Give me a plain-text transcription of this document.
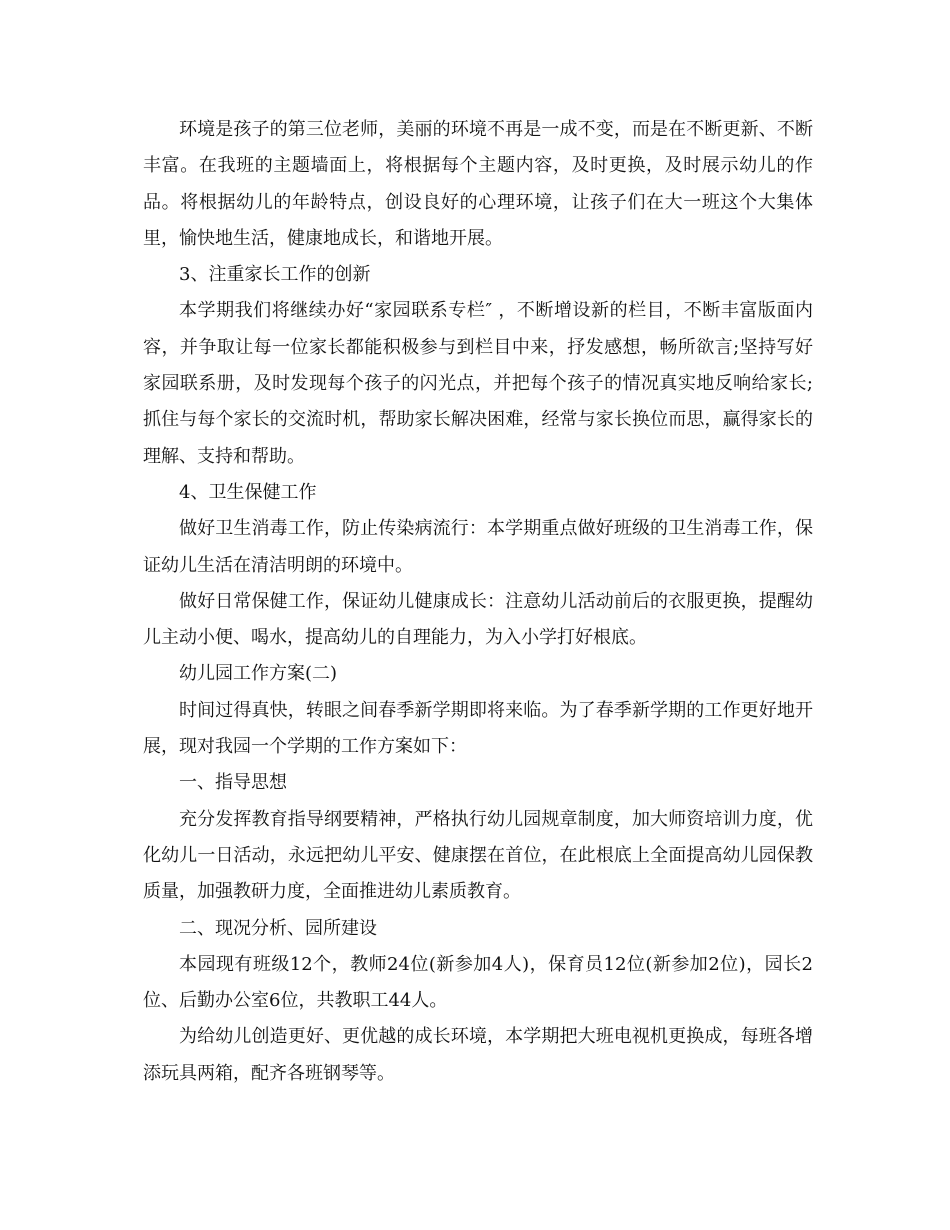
环境是孩子的第三位老师，美丽的环境不再是一成不变，而是在不断更新、不断丰富。在我班的主题墙面上，将根据每个主题内容，及时更换，及时展示幼儿的作品。将根据幼儿的年龄特点，创设良好的心理环境，让孩子们在大一班这个大集体里，愉快地生活，健康地成长，和谐地开展。

3、注重家长工作的创新

本学期我们将继续办好“家园联系专栏″ ，不断增设新的栏目，不断丰富版面内容，并争取让每一位家长都能积极参与到栏目中来，抒发感想，畅所欲言;坚持写好家园联系册，及时发现每个孩子的闪光点，并把每个孩子的情况真实地反响给家长;抓住与每个家长的交流时机，帮助家长解决困难，经常与家长换位而思，赢得家长的理解、支持和帮助。

4、卫生保健工作

做好卫生消毒工作，防止传染病流行：本学期重点做好班级的卫生消毒工作，保证幼儿生活在清洁明朗的环境中。

做好日常保健工作，保证幼儿健康成长：注意幼儿活动前后的衣服更换，提醒幼儿主动小便、喝水，提高幼儿的自理能力，为入小学打好根底。

幼儿园工作方案(二)

时间过得真快，转眼之间春季新学期即将来临。为了春季新学期的工作更好地开展，现对我园一个学期的工作方案如下：

一、指导思想

充分发挥教育指导纲要精神，严格执行幼儿园规章制度，加大师资培训力度，优化幼儿一日活动，永远把幼儿平安、健康摆在首位，在此根底上全面提高幼儿园保教质量，加强教研力度，全面推进幼儿素质教育。

二、现况分析、园所建设

本园现有班级12个，教师24位(新参加4人)，保育员12位(新参加2位)，园长2位、后勤办公室6位，共教职工44人。

为给幼儿创造更好、更优越的成长环境，本学期把大班电视机更换成，每班各增添玩具两箱，配齐各班钢琴等。
